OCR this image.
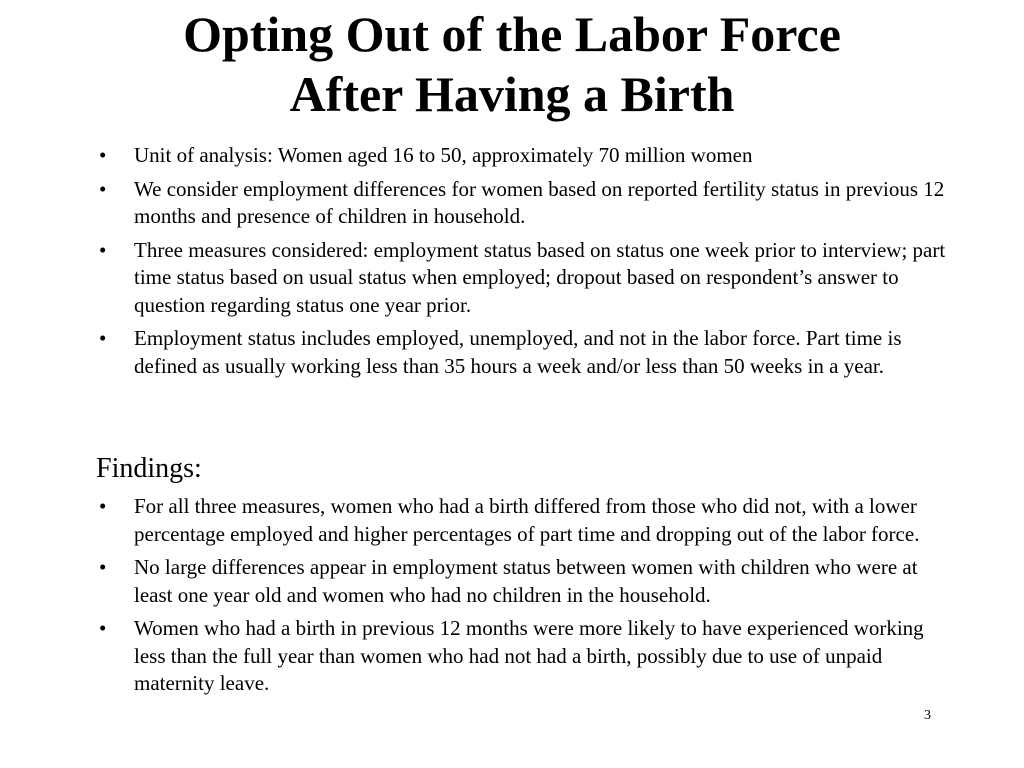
Opting Out of the Labor Force
After Having a Birth
• Unit of analysis: Women aged 16 to 50, approximately 70 million women
• We consider employment differences for women based on reported fertility status in previous 12 months and presence of children in household.
• Three measures considered: employment status based on status one week prior to interview; part time status based on usual status when employed; dropout based on respondent’s answer to question regarding status one year prior.
• Employment status includes employed, unemployed, and not in the labor force. Part time is defined as usually working less than 35 hours a week and/or less than 50 weeks in a year.
Findings:
• For all three measures, women who had a birth differed from those who did not, with a lower percentage employed and higher percentages of part time and dropping out of the labor force.
• No large differences appear in employment status between women with children who were at least one year old and women who had no children in the household.
• Women who had a birth in previous 12 months were more likely to have experienced working less than the full year than women who had not had a birth, possibly due to use of unpaid maternity leave.
3
